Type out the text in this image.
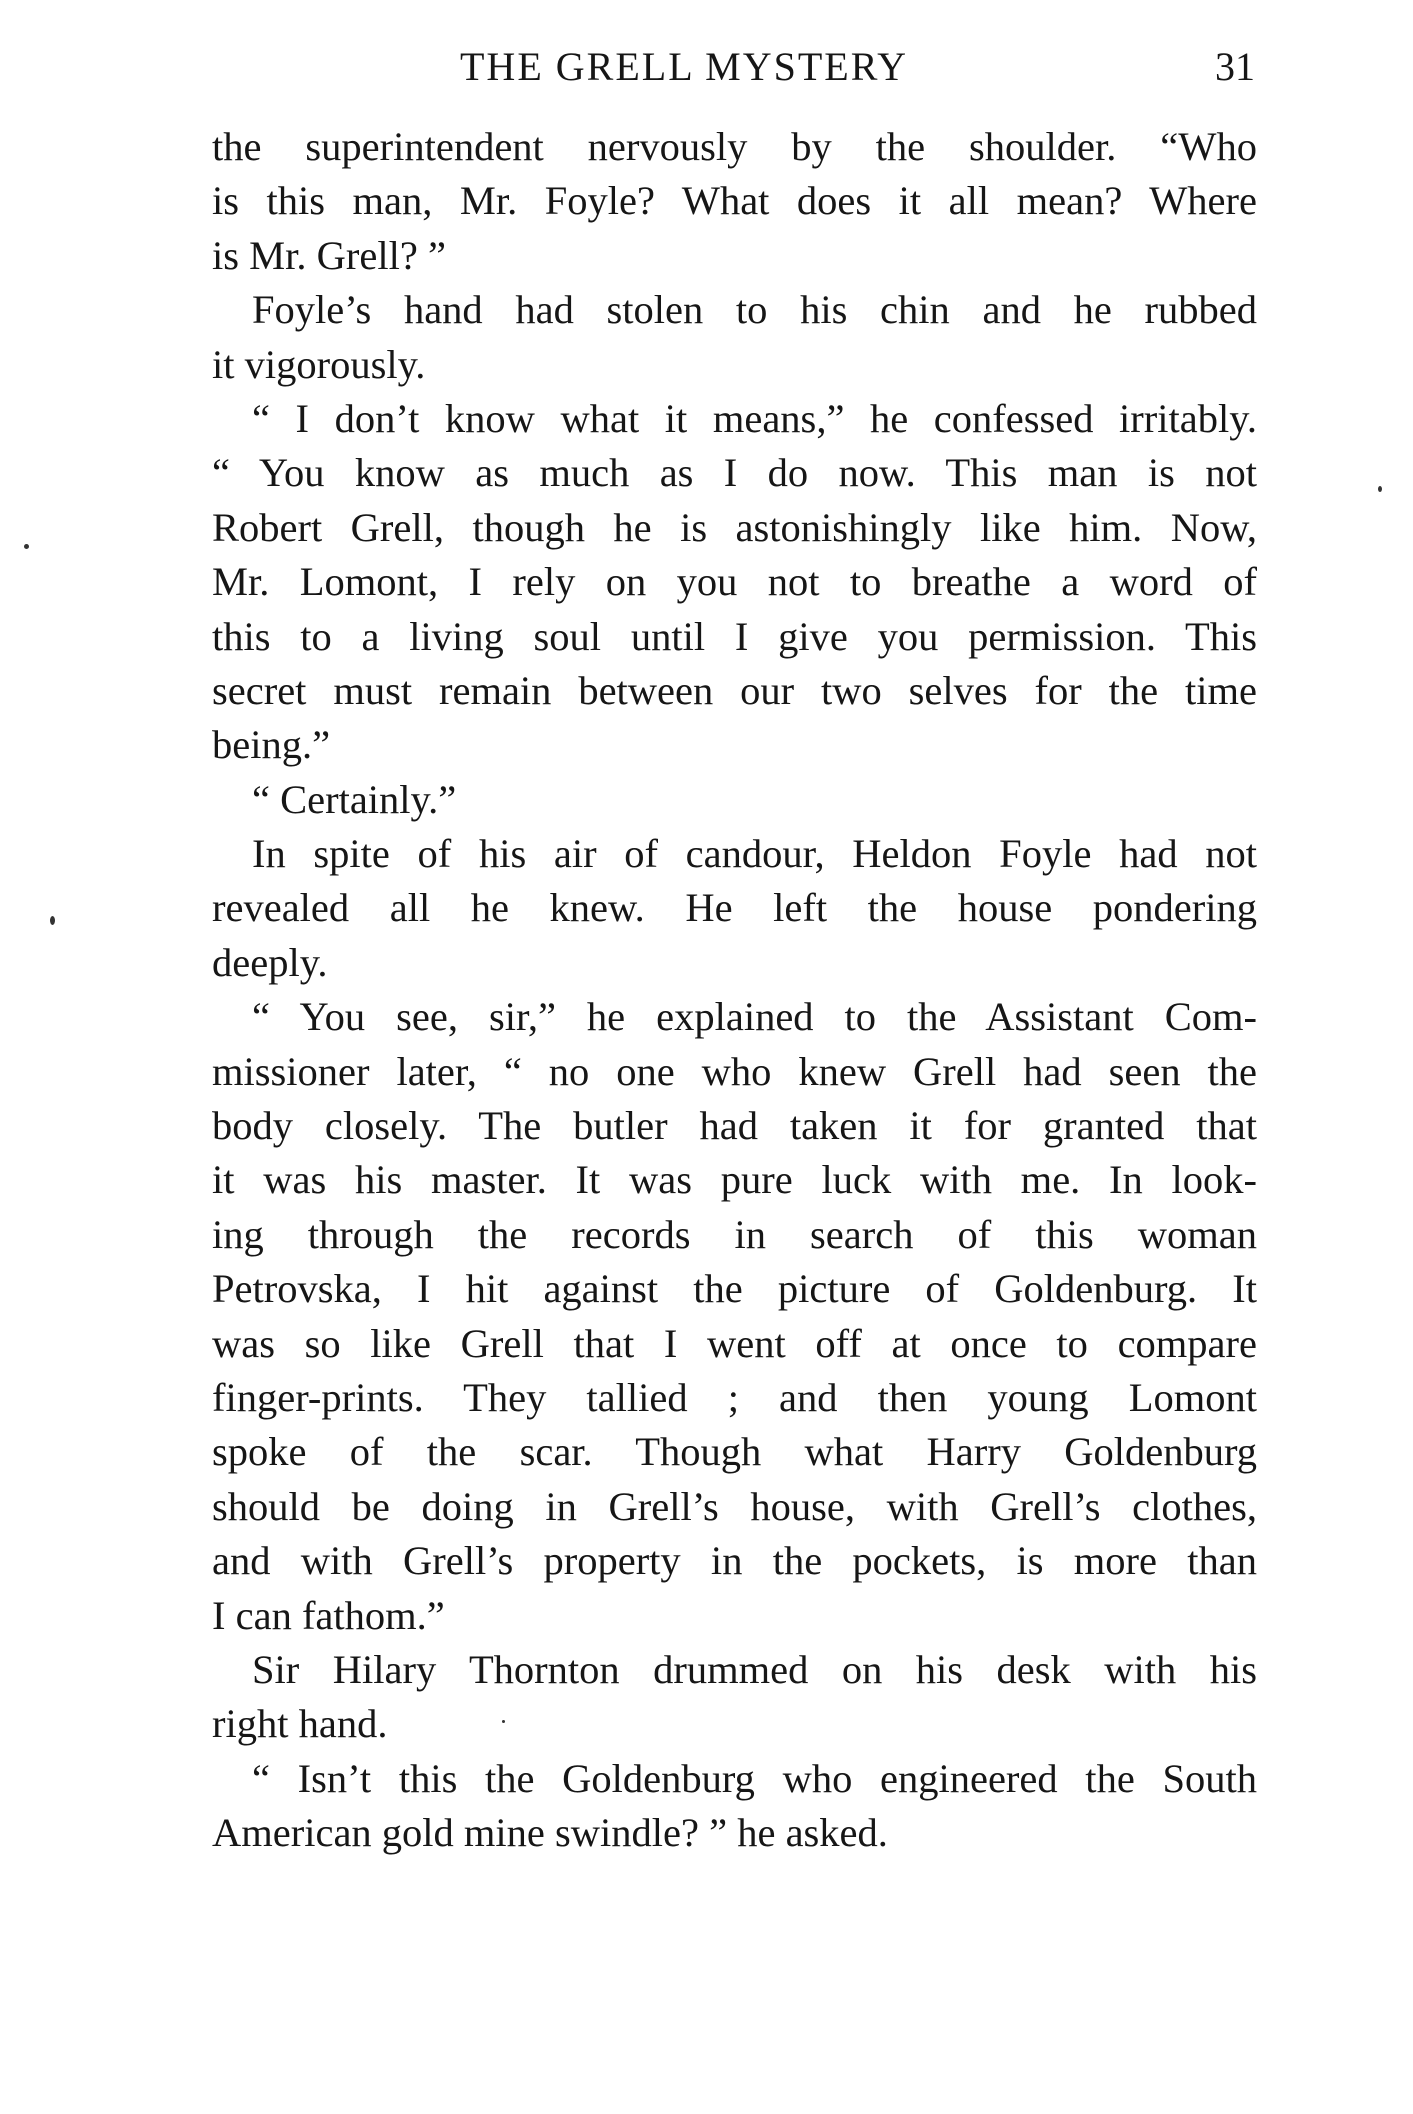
THE GRELL MYSTERY	31
the superintendent nervously by the shoulder. “Who
is this man, Mr. Foyle? What does it all mean? Where
is Mr. Grell? ”
Foyle’s hand had stolen to his chin and he rubbed
it vigorously.
“ I don’t know what it means,” he confessed irritably.
“ You know as much as I do now. This man is not
Robert Grell, though he is astonishingly like him. Now,
Mr. Lomont, I rely on you not to breathe a word of
this to a living soul until I give you permission. This
secret must remain between our two selves for the time
being.”
“ Certainly.”
In spite of his air of candour, Heldon Foyle had not
revealed all he knew. He left the house pondering
deeply.
“ You see, sir,” he explained to the Assistant Com-
missioner later, “ no one who knew Grell had seen the
body closely. The butler had taken it for granted that
it was his master. It was pure luck with me. In look-
ing through the records in search of this woman
Petrovska, I hit against the picture of Goldenburg. It
was so like Grell that I went off at once to compare
finger-prints. They tallied ; and then young Lomont
spoke of the scar. Though what Harry Goldenburg
should be doing in Grell’s house, with Grell’s clothes,
and with Grell’s property in the pockets, is more than
I can fathom.”
Sir Hilary Thornton drummed on his desk with his
right hand.
“ Isn’t this the Goldenburg who engineered the South
American gold mine swindle? ” he asked.
